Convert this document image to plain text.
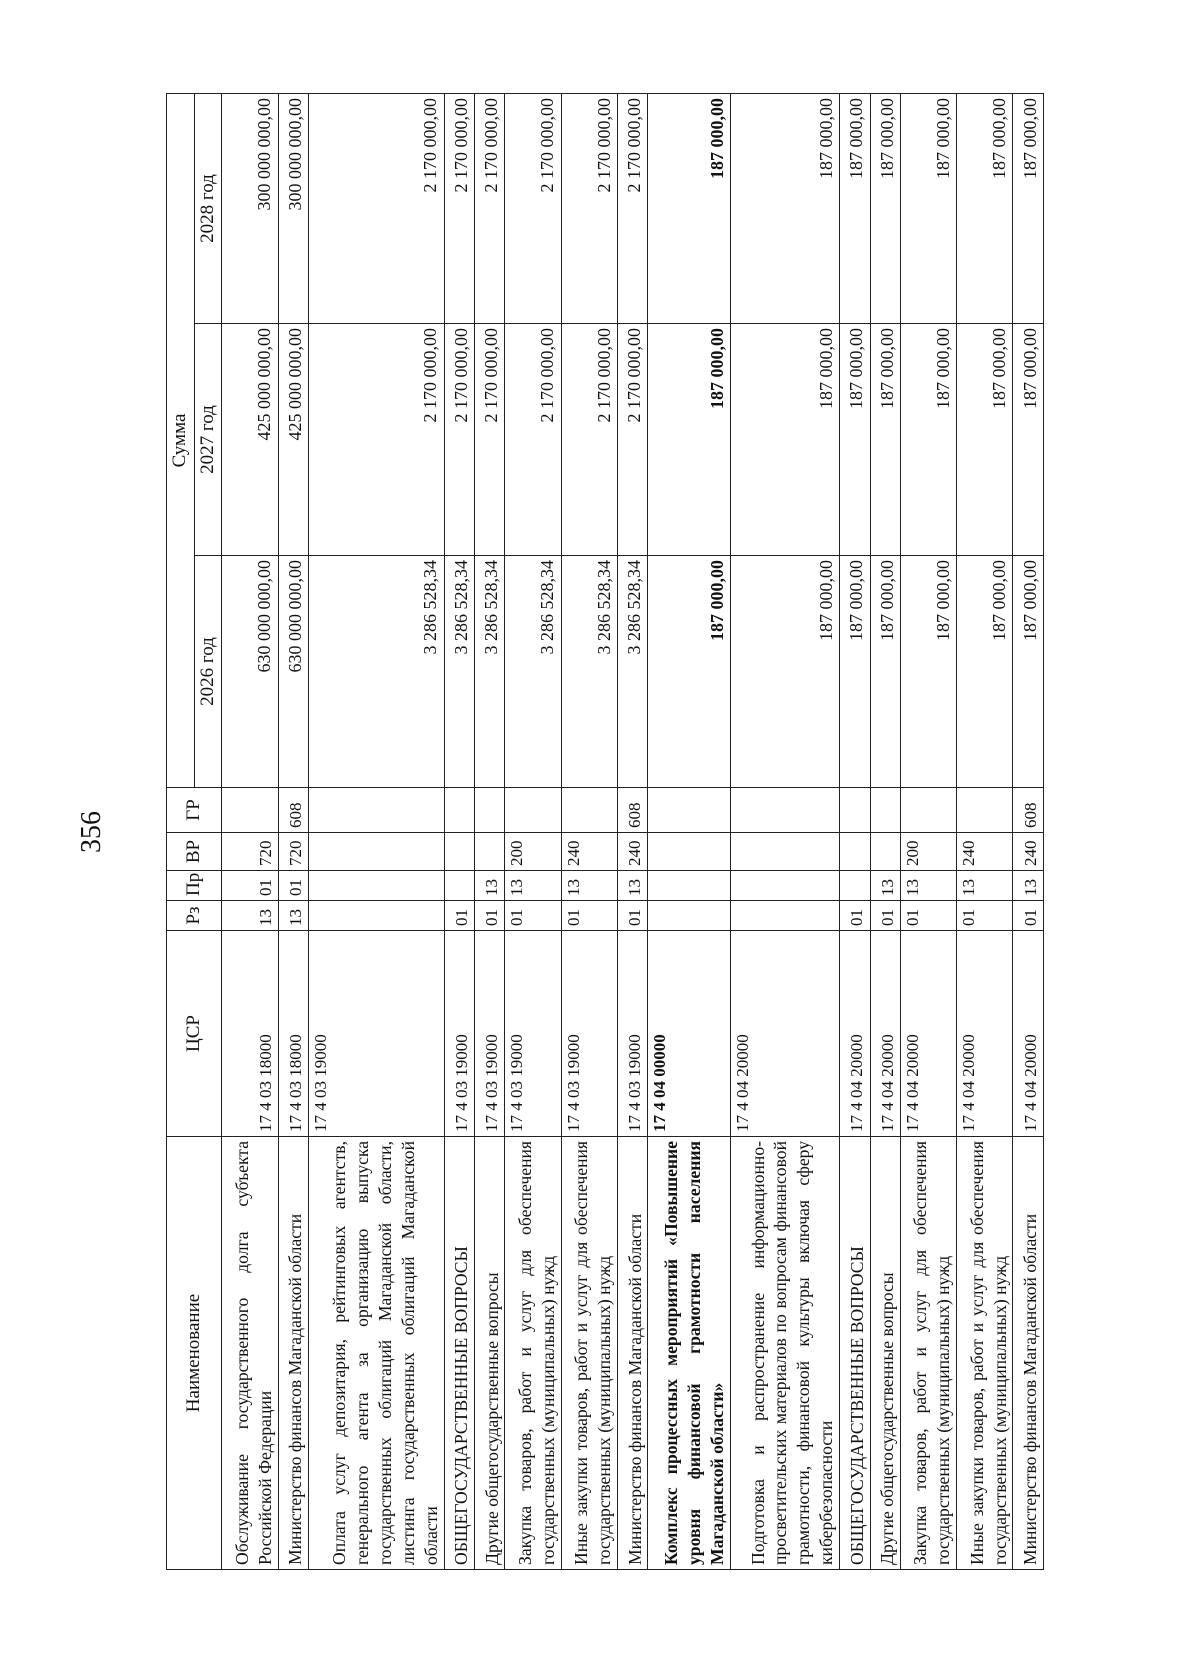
356
Наименование	ЦСР	Рз	Пр	ВР	ГР	Сумма		
						2026 год	2027 год	2028 год
Обслуживание государственного долга субъекта Российской Федерации	17 4 03 18000	13	01	720		630 000 000,00	425 000 000,00	300 000 000,00
Министерство финансов Магаданской области	17 4 03 18000	13	01	720	608	630 000 000,00	425 000 000,00	300 000 000,00
Оплата услуг депозитария, рейтинговых агентств, генерального агента за организацию выпуска государственных облигаций Магаданской области, листинга государственных облигаций Магаданской области	17 4 03 19000					3 286 528,34	2 170 000,00	2 170 000,00
ОБЩЕГОСУДАРСТВЕННЫЕ ВОПРОСЫ	17 4 03 19000	01				3 286 528,34	2 170 000,00	2 170 000,00
Другие общегосударственные вопросы	17 4 03 19000	01	13			3 286 528,34	2 170 000,00	2 170 000,00
Закупка товаров, работ и услуг для обеспечения государственных (муниципальных) нужд	17 4 03 19000	01	13	200		3 286 528,34	2 170 000,00	2 170 000,00
Иные закупки товаров, работ и услуг для обеспечения государственных (муниципальных) нужд	17 4 03 19000	01	13	240		3 286 528,34	2 170 000,00	2 170 000,00
Министерство финансов Магаданской области	17 4 03 19000	01	13	240	608	3 286 528,34	2 170 000,00	2 170 000,00
Комплекс процессных мероприятий «Повышение уровня финансовой грамотности населения Магаданской области»	17 4 04 00000					187 000,00	187 000,00	187 000,00
Подготовка и распространение информационно-просветительских материалов по вопросам финансовой грамотности, финансовой культуры включая сферу кибербезопасности	17 4 04 20000					187 000,00	187 000,00	187 000,00
ОБЩЕГОСУДАРСТВЕННЫЕ ВОПРОСЫ	17 4 04 20000	01				187 000,00	187 000,00	187 000,00
Другие общегосударственные вопросы	17 4 04 20000	01	13			187 000,00	187 000,00	187 000,00
Закупка товаров, работ и услуг для обеспечения государственных (муниципальных) нужд	17 4 04 20000	01	13	200		187 000,00	187 000,00	187 000,00
Иные закупки товаров, работ и услуг для обеспечения государственных (муниципальных) нужд	17 4 04 20000	01	13	240		187 000,00	187 000,00	187 000,00
Министерство финансов Магаданской области	17 4 04 20000	01	13	240	608	187 000,00	187 000,00	187 000,00
